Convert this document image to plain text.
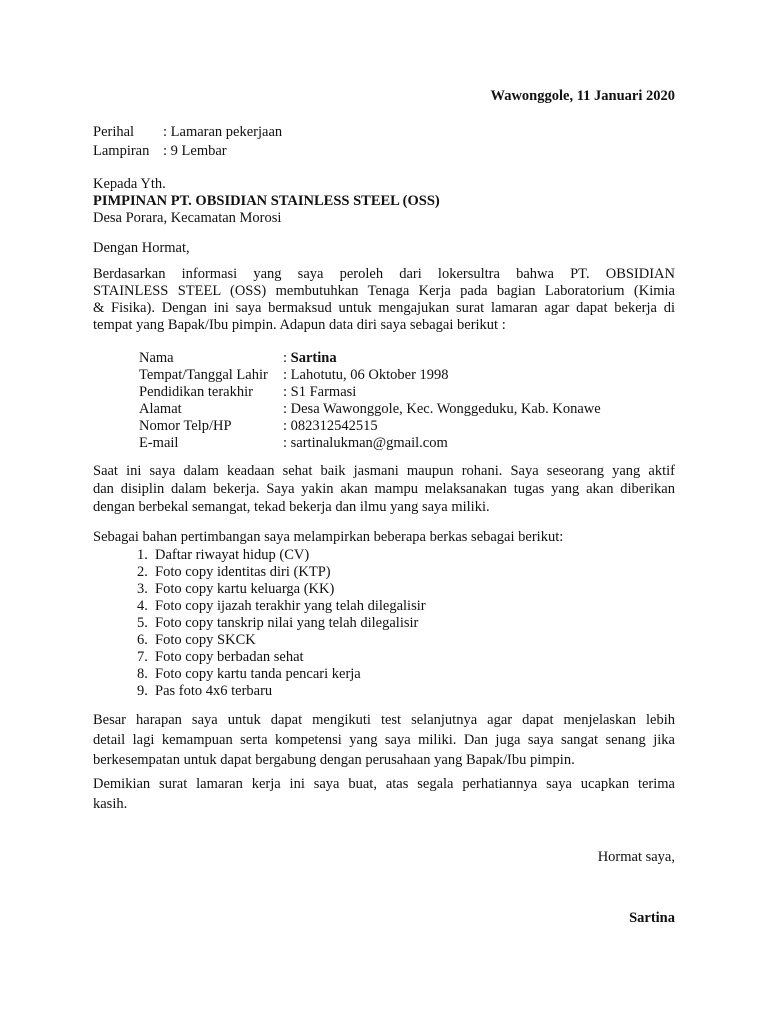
Wawonggole, 11 Januari 2020
Perihal : Lamaran pekerjaan
Lampiran : 9 Lembar
Kepada Yth.
PIMPINAN PT. OBSIDIAN STAINLESS STEEL (OSS)
Desa Porara, Kecamatan Morosi
Dengan Hormat,
Berdasarkan informasi yang saya peroleh dari lokersultra bahwa PT. OBSIDIAN
STAINLESS STEEL (OSS) membutuhkan Tenaga Kerja pada bagian Laboratorium (Kimia
& Fisika). Dengan ini saya bermaksud untuk mengajukan surat lamaran agar dapat bekerja di
tempat yang Bapak/Ibu pimpin. Adapun data diri saya sebagai berikut :
Nama	: Sartina
Tempat/Tanggal Lahir : Lahotutu, 06 Oktober 1998
Pendidikan terakhir : S1 Farmasi
Alamat	: Desa Wawonggole, Kec. Wonggeduku, Kab. Konawe
Nomor Telp/HP	: 082312542515
E-mail	: sartinalukman@gmail.com
Saat ini saya dalam keadaan sehat baik jasmani maupun rohani. Saya seseorang yang aktif
dan disiplin dalam bekerja. Saya yakin akan mampu melaksanakan tugas yang akan diberikan
dengan berbekal semangat, tekad bekerja dan ilmu yang saya miliki.
Sebagai bahan pertimbangan saya melampirkan beberapa berkas sebagai berikut:
1. Daftar riwayat hidup (CV)
2. Foto copy identitas diri (KTP)
3. Foto copy kartu keluarga (KK)
4. Foto copy ijazah terakhir yang telah dilegalisir
5. Foto copy tanskrip nilai yang telah dilegalisir
6. Foto copy SKCK
7. Foto copy berbadan sehat
8. Foto copy kartu tanda pencari kerja
9. Pas foto 4x6 terbaru
Besar harapan saya untuk dapat mengikuti test selanjutnya agar dapat menjelaskan lebih
detail lagi kemampuan serta kompetensi yang saya miliki. Dan juga saya sangat senang jika
berkesempatan untuk dapat bergabung dengan perusahaan yang Bapak/Ibu pimpin.
Demikian surat lamaran kerja ini saya buat, atas segala perhatiannya saya ucapkan terima
kasih.
Hormat saya,
Sartina
